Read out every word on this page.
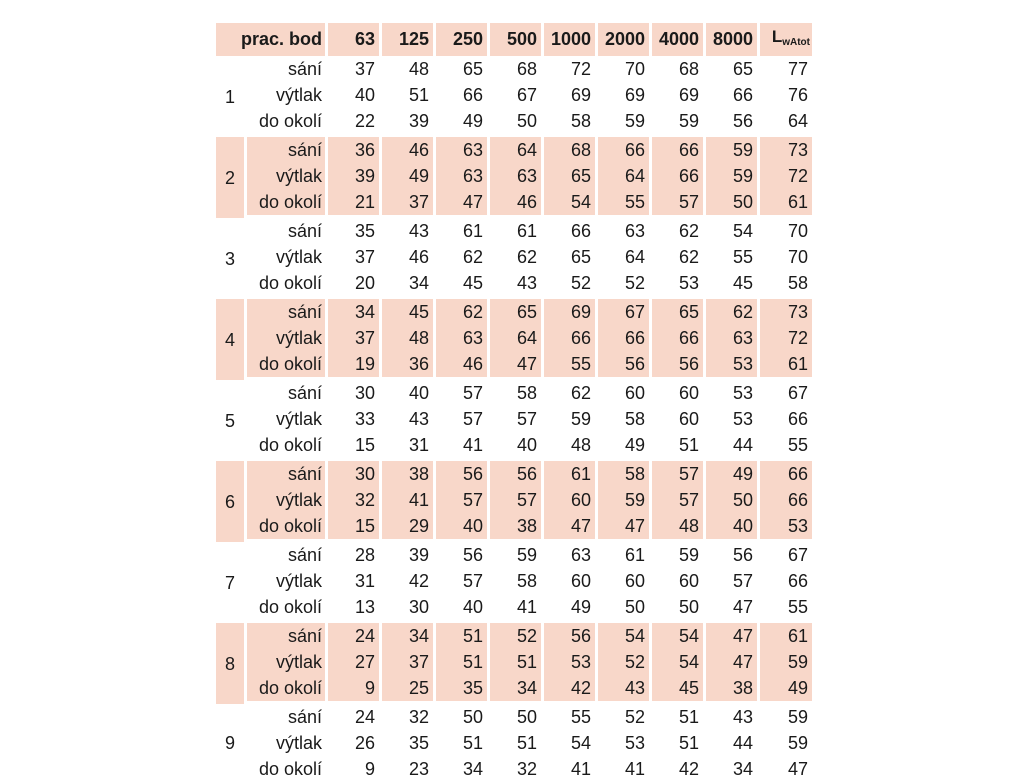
prac. bod		63	125	250	500	1000	2000	4000	8000	LwAtot
1	sání	37	48	65	68	72	70	68	65	77
	výtlak	40	51	66	67	69	69	69	66	76
	do okolí	22	39	49	50	58	59	59	56	64
2	sání	36	46	63	64	68	66	66	59	73
	výtlak	39	49	63	63	65	64	66	59	72
	do okolí	21	37	47	46	54	55	57	50	61
3	sání	35	43	61	61	66	63	62	54	70
	výtlak	37	46	62	62	65	64	62	55	70
	do okolí	20	34	45	43	52	52	53	45	58
4	sání	34	45	62	65	69	67	65	62	73
	výtlak	37	48	63	64	66	66	66	63	72
	do okolí	19	36	46	47	55	56	56	53	61
5	sání	30	40	57	58	62	60	60	53	67
	výtlak	33	43	57	57	59	58	60	53	66
	do okolí	15	31	41	40	48	49	51	44	55
6	sání	30	38	56	56	61	58	57	49	66
	výtlak	32	41	57	57	60	59	57	50	66
	do okolí	15	29	40	38	47	47	48	40	53
7	sání	28	39	56	59	63	61	59	56	67
	výtlak	31	42	57	58	60	60	60	57	66
	do okolí	13	30	40	41	49	50	50	47	55
8	sání	24	34	51	52	56	54	54	47	61
	výtlak	27	37	51	51	53	52	54	47	59
	do okolí	9	25	35	34	42	43	45	38	49
9	sání	24	32	50	50	55	52	51	43	59
	výtlak	26	35	51	51	54	53	51	44	59
	do okolí	9	23	34	32	41	41	42	34	47
